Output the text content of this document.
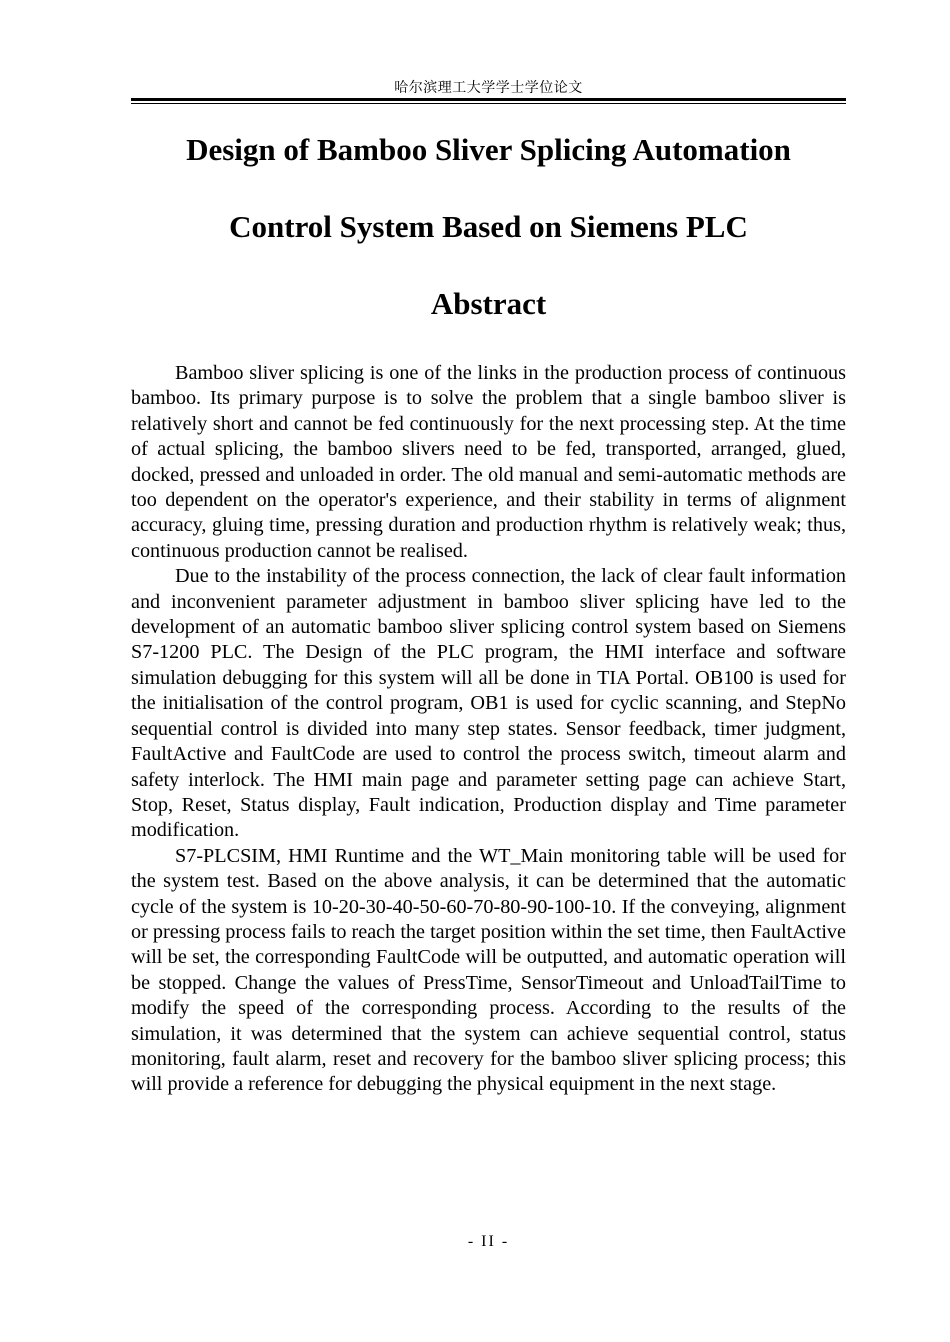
哈尔滨理工大学学士学位论文
Design of Bamboo Sliver Splicing Automation
Control System Based on Siemens PLC
Abstract

Bamboo sliver splicing is one of the links in the production process of continuous bamboo. Its primary purpose is to solve the problem that a single bamboo sliver is relatively short and cannot be fed continuously for the next processing step. At the time of actual splicing, the bamboo slivers need to be fed, transported, arranged, glued, docked, pressed and unloaded in order. The old manual and semi-automatic methods are too dependent on the operator's experience, and their stability in terms of alignment accuracy, gluing time, pressing duration and production rhythm is relatively weak; thus, continuous production cannot be realised.

Due to the instability of the process connection, the lack of clear fault information and inconvenient parameter adjustment in bamboo sliver splicing have led to the development of an automatic bamboo sliver splicing control system based on Siemens S7-1200 PLC. The Design of the PLC program, the HMI interface and software simulation debugging for this system will all be done in TIA Portal. OB100 is used for the initialisation of the control program, OB1 is used for cyclic scanning, and StepNo sequential control is divided into many step states. Sensor feedback, timer judgment, FaultActive and FaultCode are used to control the process switch, timeout alarm and safety interlock. The HMI main page and parameter setting page can achieve Start, Stop, Reset, Status display, Fault indication, Production display and Time parameter modification.

S7-PLCSIM, HMI Runtime and the WT_Main monitoring table will be used for the system test. Based on the above analysis, it can be determined that the automatic cycle of the system is 10-20-30-40-50-60-70-80-90-100-10. If the conveying, alignment or pressing process fails to reach the target position within the set time, then FaultActive will be set, the corresponding FaultCode will be outputted, and automatic operation will be stopped. Change the values of PressTime, SensorTimeout and UnloadTailTime to modify the speed of the corresponding process. According to the results of the simulation, it was determined that the system can achieve sequential control, status monitoring, fault alarm, reset and recovery for the bamboo sliver splicing process; this will provide a reference for debugging the physical equipment in the next stage.

- II -
